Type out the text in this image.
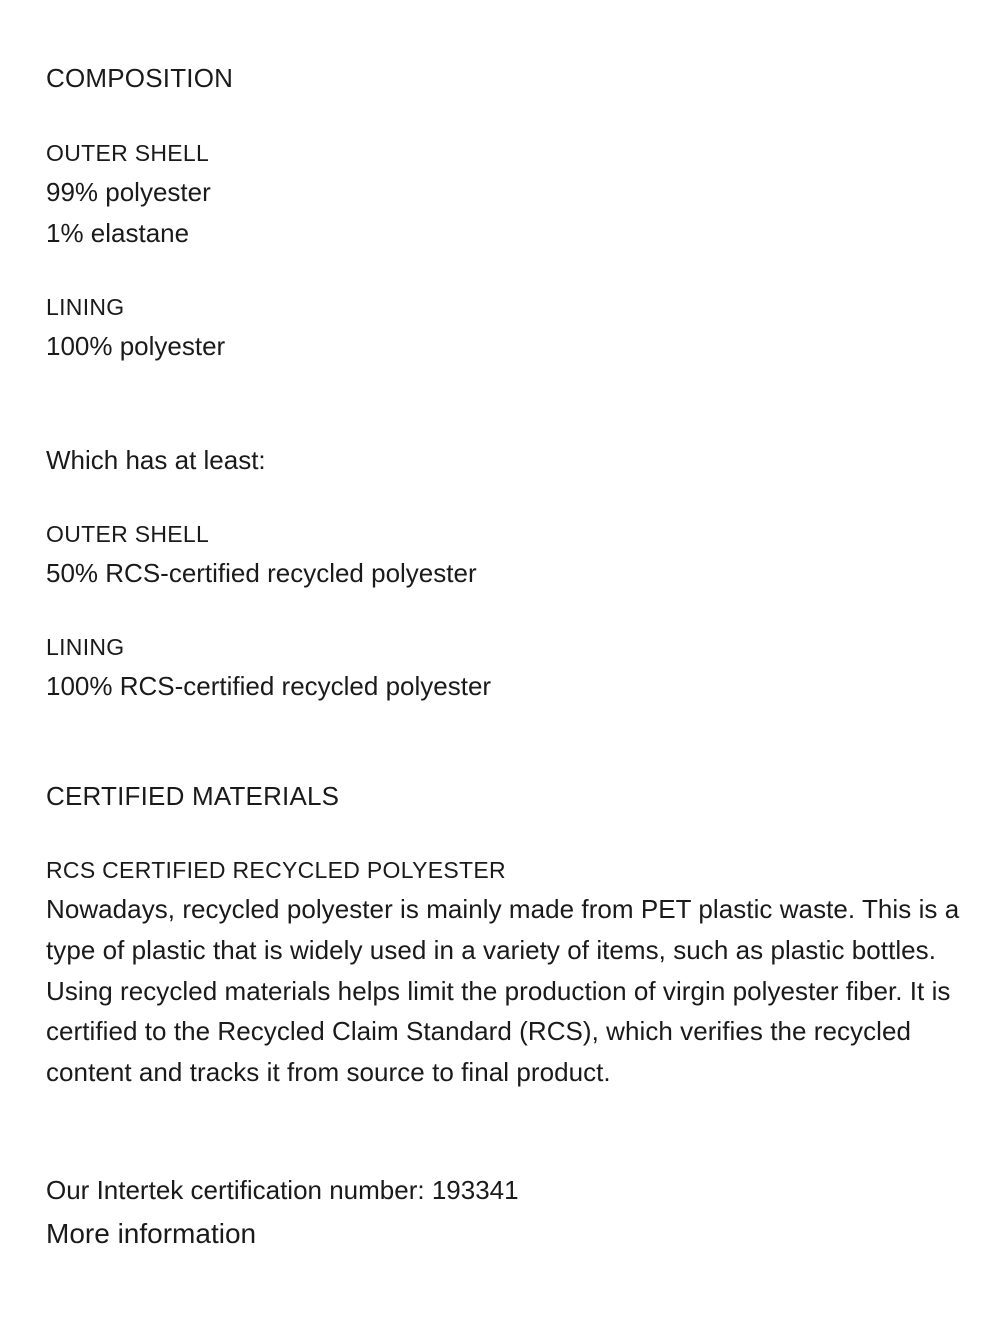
COMPOSITION
OUTER SHELL
99% polyester
1% elastane
LINING
100% polyester
Which has at least:
OUTER SHELL
50% RCS-certified recycled polyester
LINING
100% RCS-certified recycled polyester
CERTIFIED MATERIALS
RCS CERTIFIED RECYCLED POLYESTER
Nowadays, recycled polyester is mainly made from PET plastic waste. This is a type of plastic that is widely used in a variety of items, such as plastic bottles. Using recycled materials helps limit the production of virgin polyester fiber. It is certified to the Recycled Claim Standard (RCS), which verifies the recycled content and tracks it from source to final product.
Our Intertek certification number: 193341
More information
